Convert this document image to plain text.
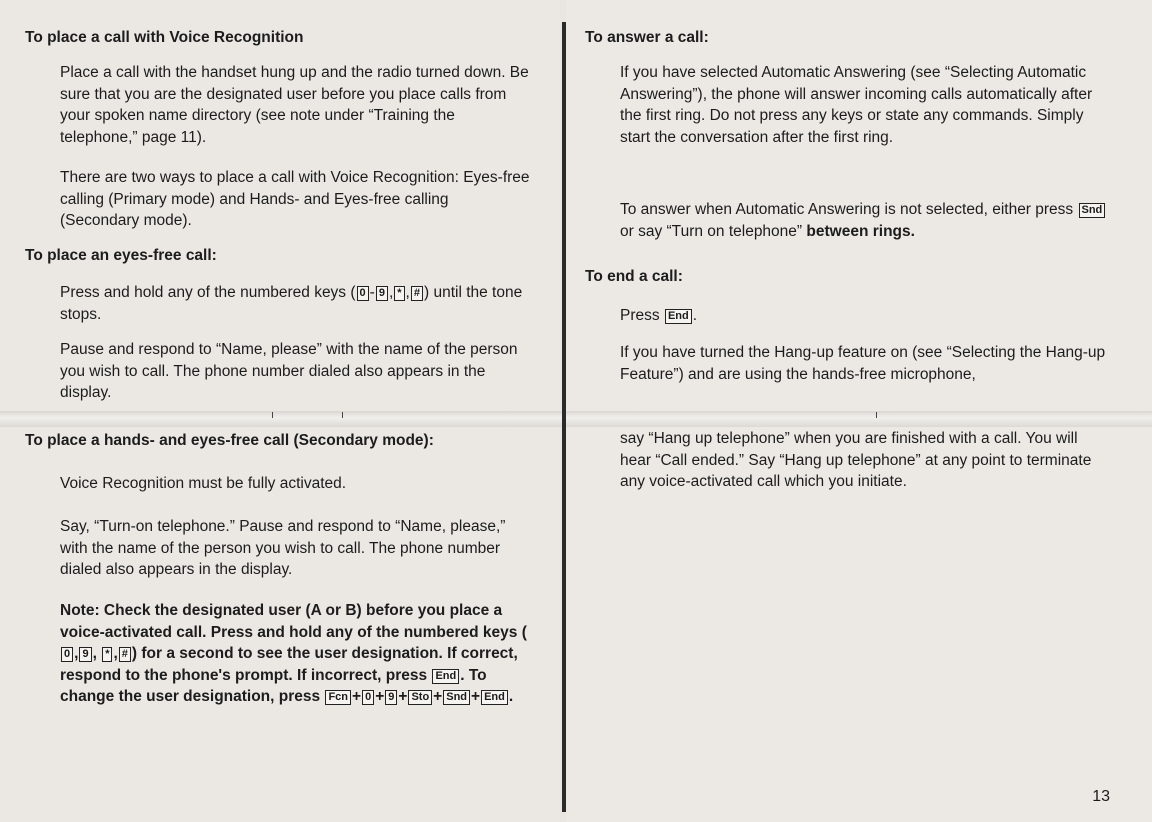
To place a call with Voice Recognition
Place a call with the handset hung up and the radio turned down. Be sure that you are the designated user before you place calls from your spoken name directory (see note under “Training the telephone,” page 11).
There are two ways to place a call with Voice Recognition: Eyes-free calling (Primary mode) and Hands- and Eyes-free calling (Secondary mode).
To place an eyes-free call:
Press and hold any of the numbered keys ( 0 - 9 , * , # ) until the tone stops.
Pause and respond to “Name, please” with the name of the person you wish to call. The phone number dialed also appears in the display.
To place a hands- and eyes-free call (Secondary mode):
Voice Recognition must be fully activated.
Say, “Turn-on telephone.” Pause and respond to “Name, please,” with the name of the person you wish to call. The phone number dialed also appears in the display.
Note: Check the designated user (A or B) before you place a voice-activated call. Press and hold any of the numbered keys (0 , 9 , * , # ) for a second to see the user designation. If correct, respond to the phone's prompt. If incorrect, press End . To change the user designation, press Fcn + 0 + 9 + Sto + Snd + End .
To answer a call:
If you have selected Automatic Answering (see “Selecting Automatic Answering”), the phone will answer incoming calls automatically after the first ring. Do not press any keys or state any commands. Simply start the conversation after the first ring.
To answer when Automatic Answering is not selected, either press Sndor say “Turn on telephone” between rings.
To end a call:
Press End .
If you have turned the Hang-up feature on (see “Selecting the Hang-up Feature”) and are using the hands-free microphone,
say “Hang up telephone” when you are finished with a call. You will hear “Call ended.” Say “Hang up telephone” at any point to terminate any voice-activated call which you initiate.
13
